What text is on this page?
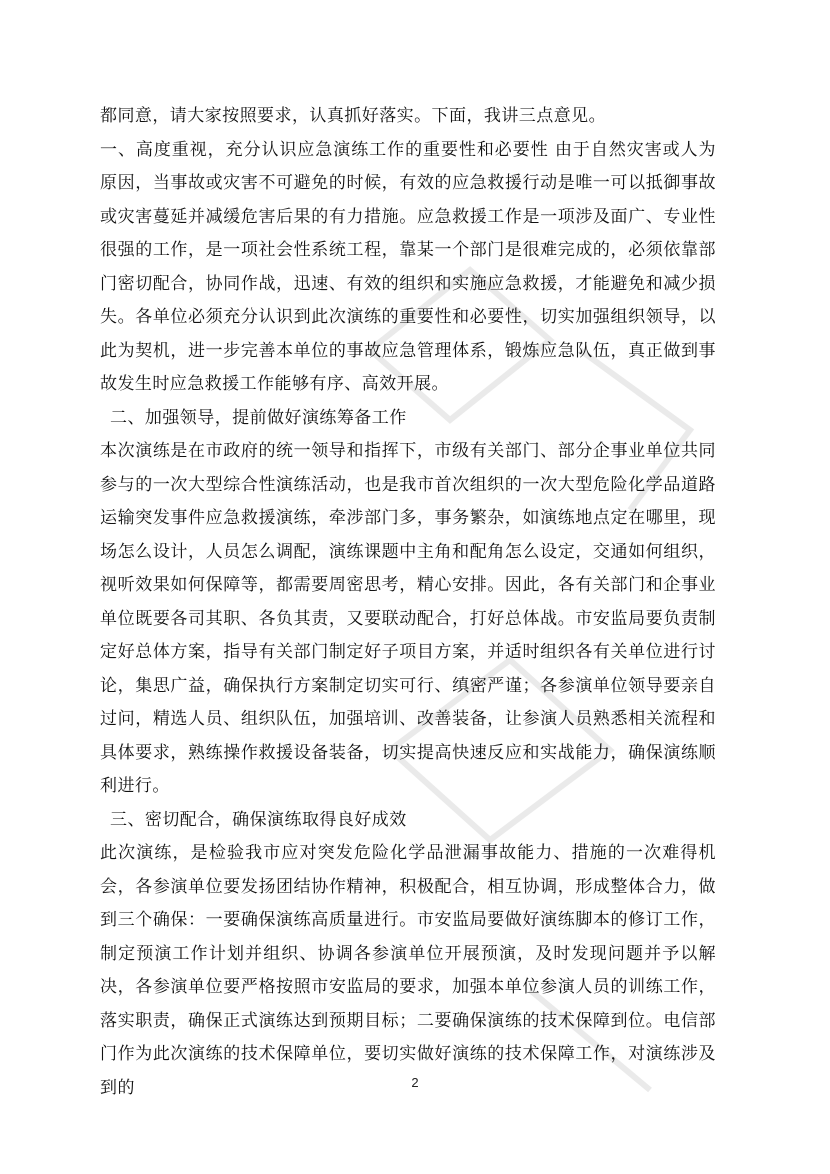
都同意，请大家按照要求，认真抓好落实。下面，我讲三点意见。

一、高度重视，充分认识应急演练工作的重要性和必要性 由于自然灾害或人为原因，当事故或灾害不可避免的时候，有效的应急救援行动是唯一可以抵御事故或灾害蔓延并减缓危害后果的有力措施。应急救援工作是一项涉及面广、专业性很强的工作，是一项社会性系统工程，靠某一个部门是很难完成的，必须依靠部门密切配合，协同作战，迅速、有效的组织和实施应急救援，才能避免和减少损失。各单位必须充分认识到此次演练的重要性和必要性，切实加强组织领导，以此为契机，进一步完善本单位的事故应急管理体系，锻炼应急队伍，真正做到事故发生时应急救援工作能够有序、高效开展。

二、加强领导，提前做好演练筹备工作

本次演练是在市政府的统一领导和指挥下，市级有关部门、部分企事业单位共同参与的一次大型综合性演练活动，也是我市首次组织的一次大型危险化学品道路运输突发事件应急救援演练，牵涉部门多，事务繁杂，如演练地点定在哪里，现场怎么设计，人员怎么调配，演练课题中主角和配角怎么设定，交通如何组织，视听效果如何保障等，都需要周密思考，精心安排。因此，各有关部门和企事业单位既要各司其职、各负其责，又要联动配合，打好总体战。市安监局要负责制定好总体方案，指导有关部门制定好子项目方案，并适时组织各有关单位进行讨论，集思广益，确保执行方案制定切实可行、缜密严谨；各参演单位领导要亲自过问，精选人员、组织队伍，加强培训、改善装备，让参演人员熟悉相关流程和具体要求，熟练操作救援设备装备，切实提高快速反应和实战能力，确保演练顺利进行。

三、密切配合，确保演练取得良好成效

此次演练，是检验我市应对突发危险化学品泄漏事故能力、措施的一次难得机会，各参演单位要发扬团结协作精神，积极配合，相互协调，形成整体合力，做到三个确保：一要确保演练高质量进行。市安监局要做好演练脚本的修订工作，制定预演工作计划并组织、协调各参演单位开展预演，及时发现问题并予以解决，各参演单位要严格按照市安监局的要求，加强本单位参演人员的训练工作，落实职责，确保正式演练达到预期目标；二要确保演练的技术保障到位。电信部门作为此次演练的技术保障单位，要切实做好演练的技术保障工作，对演练涉及到的	2
